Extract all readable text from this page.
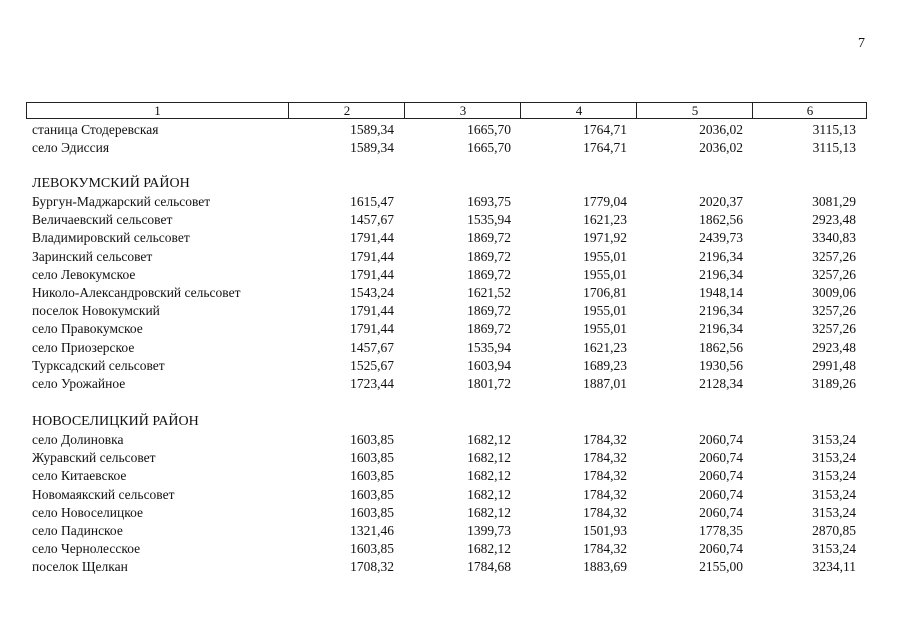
7
1	2	3	4	5	6
станица Стодеревская	1589,34	1665,70	1764,71	2036,02	3115,13
село Эдиссия	1589,34	1665,70	1764,71	2036,02	3115,13
ЛЕВОКУМСКИЙ РАЙОН
Бургун-Маджарский сельсовет	1615,47	1693,75	1779,04	2020,37	3081,29
Величаевский сельсовет	1457,67	1535,94	1621,23	1862,56	2923,48
Владимировский сельсовет	1791,44	1869,72	1971,92	2439,73	3340,83
Заринский сельсовет	1791,44	1869,72	1955,01	2196,34	3257,26
село Левокумское	1791,44	1869,72	1955,01	2196,34	3257,26
Николо-Александровский сельсовет	1543,24	1621,52	1706,81	1948,14	3009,06
поселок Новокумский	1791,44	1869,72	1955,01	2196,34	3257,26
село Правокумское	1791,44	1869,72	1955,01	2196,34	3257,26
село Приозерское	1457,67	1535,94	1621,23	1862,56	2923,48
Турксадский сельсовет	1525,67	1603,94	1689,23	1930,56	2991,48
село Урожайное	1723,44	1801,72	1887,01	2128,34	3189,26
НОВОСЕЛИЦКИЙ РАЙОН
село Долиновка	1603,85	1682,12	1784,32	2060,74	3153,24
Журавский сельсовет	1603,85	1682,12	1784,32	2060,74	3153,24
село Китаевское	1603,85	1682,12	1784,32	2060,74	3153,24
Новомаякский сельсовет	1603,85	1682,12	1784,32	2060,74	3153,24
село Новоселицкое	1603,85	1682,12	1784,32	2060,74	3153,24
село Падинское	1321,46	1399,73	1501,93	1778,35	2870,85
село Чернолесское	1603,85	1682,12	1784,32	2060,74	3153,24
поселок Щелкан	1708,32	1784,68	1883,69	2155,00	3234,11
